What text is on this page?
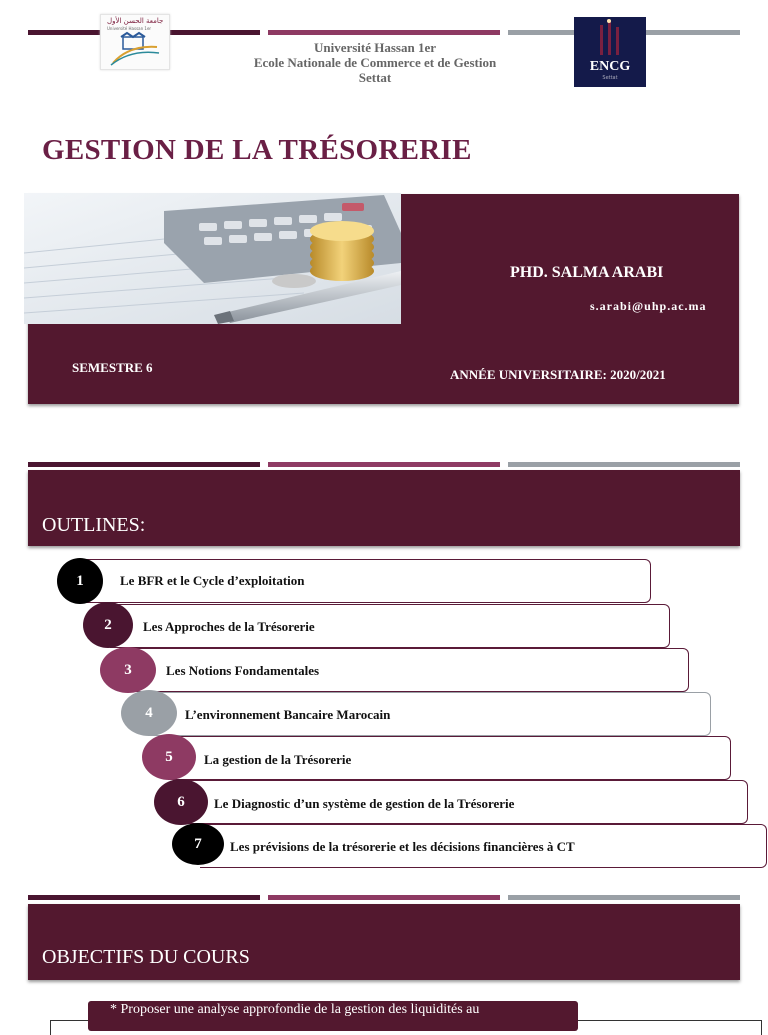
جامعة الحسن الأول
Université Hassan 1er
Université Hassan 1er
Ecole Nationale de Commerce et de Gestion
Settat
ENCG
Settat
GESTION DE LA TRÉSORERIE
PHD. SALMA ARABI
s.arabi@uhp.ac.ma
SEMESTRE 6	ANNÉE UNIVERSITAIRE: 2020/2021
OUTLINES:
1	Le BFR et le Cycle d’exploitation
2	Les Approches de la Trésorerie
3	Les Notions Fondamentales
4	L’environnement Bancaire Marocain
5	La gestion de la Trésorerie
6	Le Diagnostic d’un système de gestion de la Trésorerie
7	Les prévisions de la trésorerie et les décisions financières à CT
OBJECTIFS DU COURS
* Proposer une analyse approfondie de la gestion des liquidités au
